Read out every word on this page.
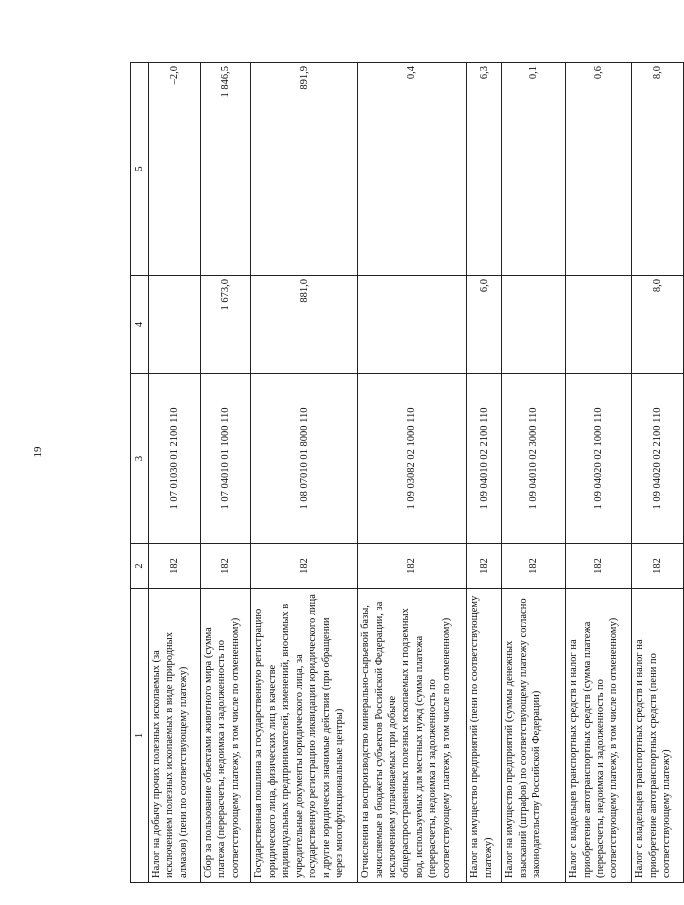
19
1	2	3	4	5
Налог на добычу прочих полезных ископаемых (за исключением полезных ископаемых в виде природных алмазов) (пени по соответствующему платежу)	182	1 07 01030 01 2100 110		–2,0
Сбор за пользование объектами животного мира (сумма платежа (перерасчеты, недоимка и задолженность по соответствующему платежу, в том числе по отмененному)	182	1 07 04010 01 1000 110	1 673,0	1 846,5
Государственная пошлина за государственную регистрацию юридического лица, физических лиц в качестве индивидуальных предпринимателей, изменений, вносимых в учредительные документы юридического лица, за государственную регистрацию ликвидации юридического лица и другие юридически значимые действия (при обращении через многофункциональные центры)	182	1 08 07010 01 8000 110	881,0	891,9
Отчисления на воспроизводство минерально-сырьевой базы, зачисляемые в бюджеты субъектов Российской Федерации, за исключением уплачиваемых при добыче общераспространенных полезных ископаемых и подземных вод, используемых для местных нужд (сумма платежа (перерасчеты, недоимка и задолженность по соответствующему платежу, в том числе по отмененному)	182	1 09 03082 02 1000 110		0,4
Налог на имущество предприятий (пени по соответствующему платежу)	182	1 09 04010 02 2100 110	6,0	6,3
Налог на имущество предприятий (суммы денежных взысканий (штрафов) по соответствующему платежу согласно законодательству Российской Федерации)	182	1 09 04010 02 3000 110		0,1
Налог с владельцев транспортных средств и налог на приобретение автотранспортных средств (сумма платежа (перерасчеты, недоимка и задолженность по соответствующему платежу, в том числе по отмененному)	182	1 09 04020 02 1000 110		0,6
Налог с владельцев транспортных средств и налог на приобретение автотранспортных средств (пени по соответствующему платежу)	182	1 09 04020 02 2100 110	8,0	8,0
